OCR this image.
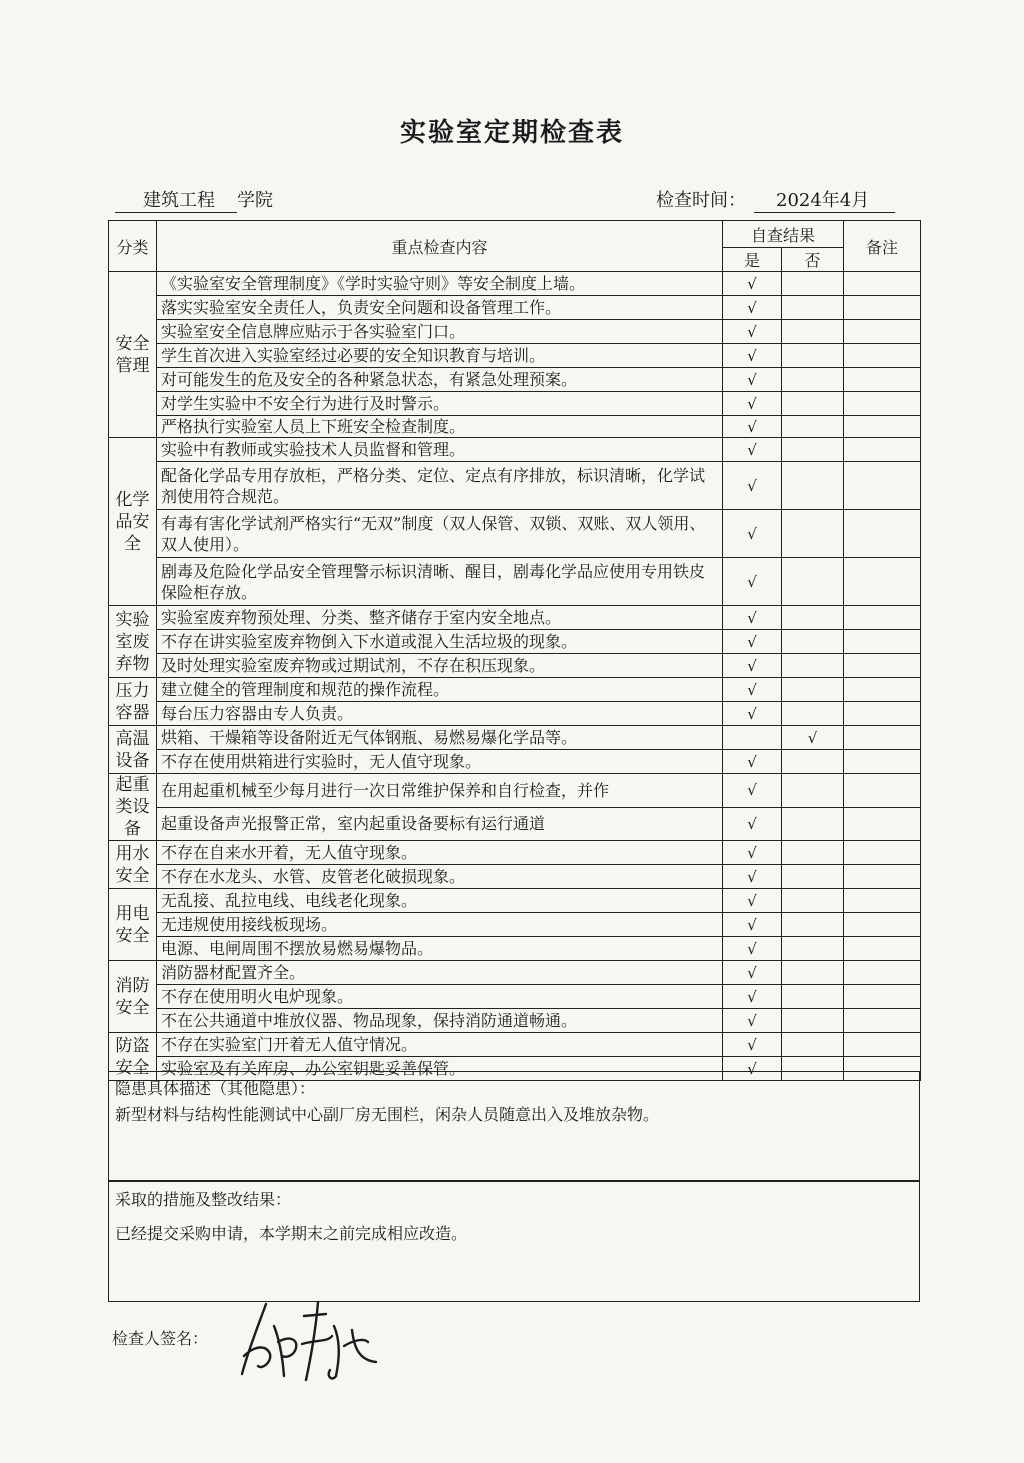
实验室定期检查表
建筑工程 学院	检查时间： 2024年4月
分类	重点检查内容	自查结果		备注
		是	否	
安全管理	《实验室安全管理制度》《学时实验守则》等安全制度上墙。	√		
	落实实验室安全责任人，负责安全问题和设备管理工作。	√		
	实验室安全信息牌应贴示于各实验室门口。	√		
	学生首次进入实验室经过必要的安全知识教育与培训。	√		
	对可能发生的危及安全的各种紧急状态，有紧急处理预案。	√		
	对学生实验中不安全行为进行及时警示。	√		
	严格执行实验室人员上下班安全检查制度。	√		
化学品安全	实验中有教师或实验技术人员监督和管理。	√		
	配备化学品专用存放柜，严格分类、定位、定点有序排放，标识清晰，化学试剂使用符合规范。	√		
	有毒有害化学试剂严格实行“无双”制度（双人保管、双锁、双账、双人领用、双人使用）。	√		
	剧毒及危险化学品安全管理警示标识清晰、醒目，剧毒化学品应使用专用铁皮保险柜存放。	√		
实验室废弃物	实验室废弃物预处理、分类、整齐储存于室内安全地点。	√		
	不存在讲实验室废弃物倒入下水道或混入生活垃圾的现象。	√		
	及时处理实验室废弃物或过期试剂，不存在积压现象。	√		
压力容器	建立健全的管理制度和规范的操作流程。	√		
	每台压力容器由专人负责。	√		
高温设备	烘箱、干燥箱等设备附近无气体钢瓶、易燃易爆化学品等。		√	
	不存在使用烘箱进行实验时，无人值守现象。	√		
起重类设备	在用起重机械至少每月进行一次日常维护保养和自行检查，并作	√		
	起重设备声光报警正常，室内起重设备要标有运行通道	√		
用水安全	不存在自来水开着，无人值守现象。	√		
	不存在水龙头、水管、皮管老化破损现象。	√		
用电安全	无乱接、乱拉电线、电线老化现象。	√		
	无违规使用接线板现场。	√		
	电源、电闸周围不摆放易燃易爆物品。	√		
消防安全	消防器材配置齐全。	√		
	不存在使用明火电炉现象。	√		
	不在公共通道中堆放仪器、物品现象，保持消防通道畅通。	√		
防盗安全	不存在实验室门开着无人值守情况。	√		
	实验室及有关库房、办公室钥匙妥善保管。	√		
隐患具体描述（其他隐患）：
新型材料与结构性能测试中心副厂房无围栏，闲杂人员随意出入及堆放杂物。
采取的措施及整改结果：
已经提交采购申请，本学期末之前完成相应改造。
检查人签名：
